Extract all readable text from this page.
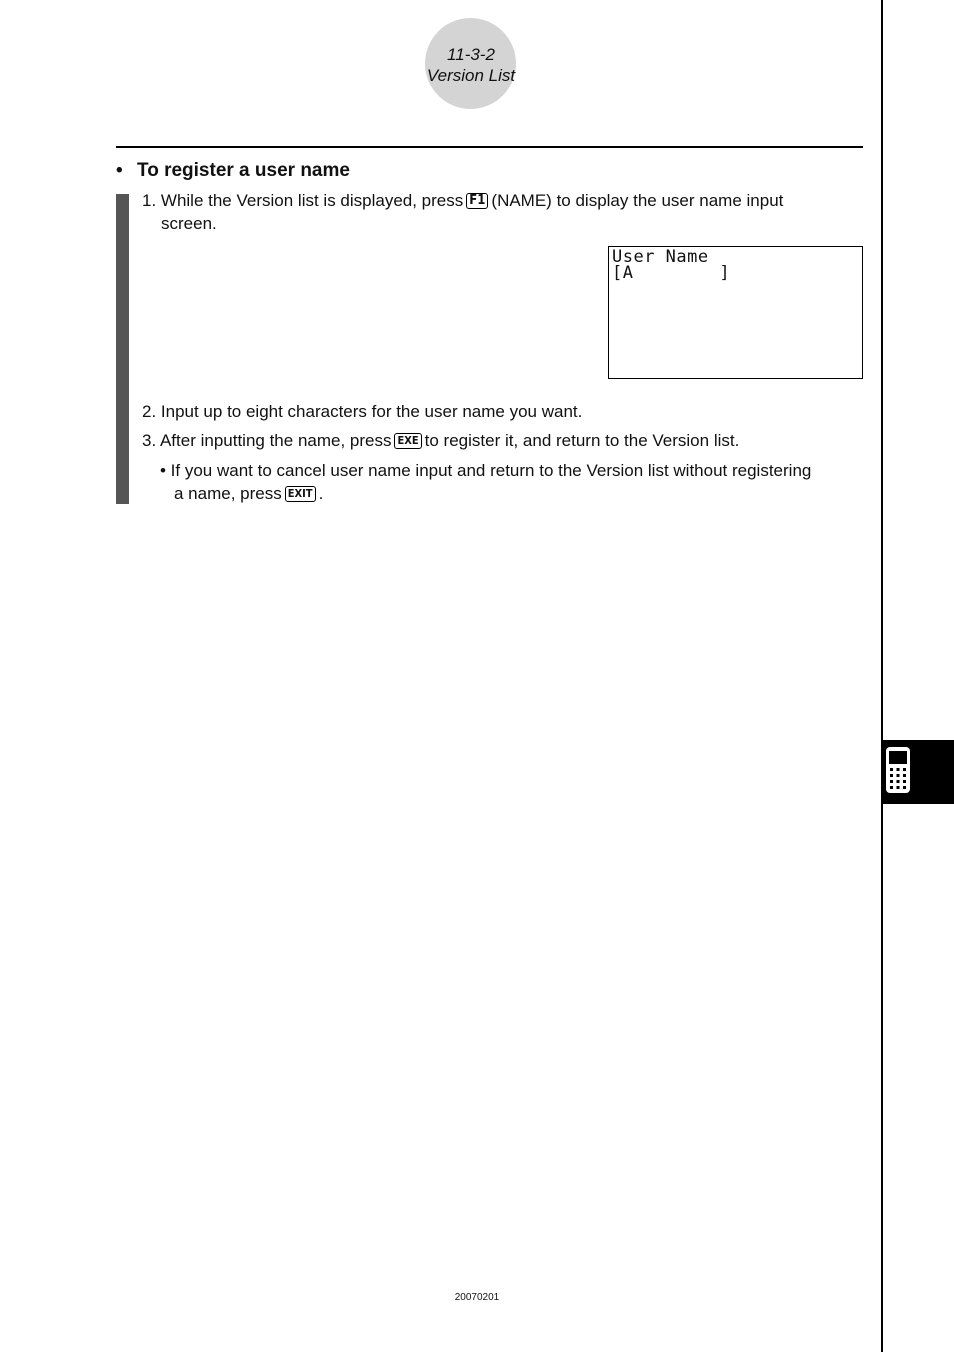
11-3-2
Version List
• To register a user name
1. While the Version list is displayed, press F1 (NAME) to display the user name input
screen.
User Name
[A        ]
2. Input up to eight characters for the user name you want.
3. After inputting the name, press EXE to register it, and return to the Version list.
• If you want to cancel user name input and return to the Version list without registering
a name, press EXIT .
20070201
